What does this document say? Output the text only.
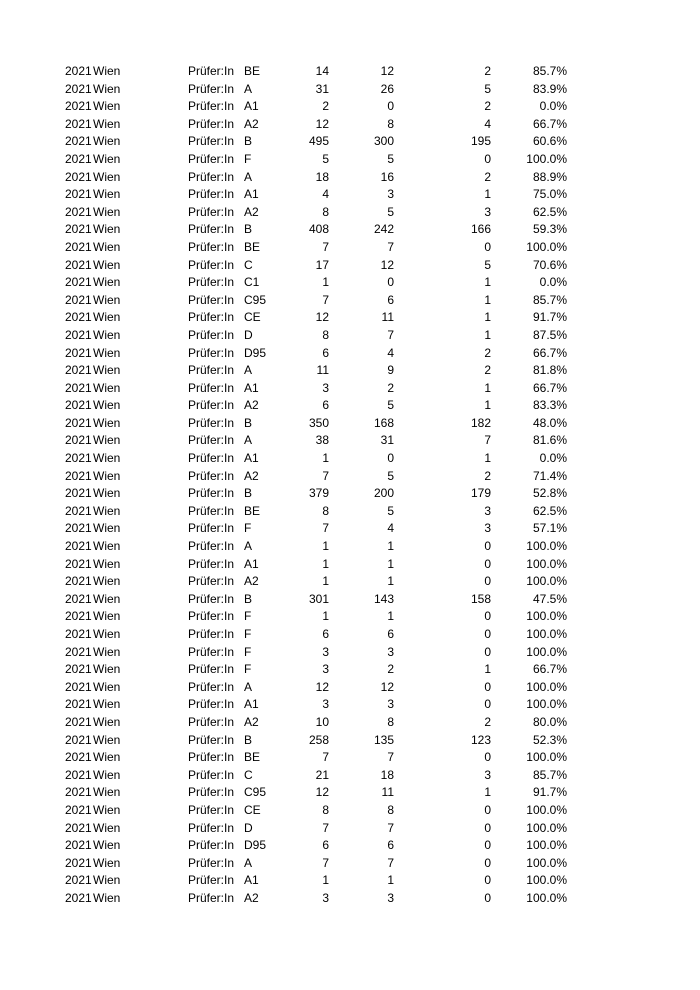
2021 Wien	Prüfer:In BE	14	12	2	85.7%
2021 Wien	Prüfer:In A	31	26	5	83.9%
2021 Wien	Prüfer:In A1	2	0	2	0.0%
2021 Wien	Prüfer:In A2	12	8	4	66.7%
2021 Wien	Prüfer:In B	495	300	195	60.6%
2021 Wien	Prüfer:In F	5	5	0	100.0%
2021 Wien	Prüfer:In A	18	16	2	88.9%
2021 Wien	Prüfer:In A1	4	3	1	75.0%
2021 Wien	Prüfer:In A2	8	5	3	62.5%
2021 Wien	Prüfer:In B	408	242	166	59.3%
2021 Wien	Prüfer:In BE	7	7	0	100.0%
2021 Wien	Prüfer:In C	17	12	5	70.6%
2021 Wien	Prüfer:In C1	1	0	1	0.0%
2021 Wien	Prüfer:In C95	7	6	1	85.7%
2021 Wien	Prüfer:In CE	12	11	1	91.7%
2021 Wien	Prüfer:In D	8	7	1	87.5%
2021 Wien	Prüfer:In D95	6	4	2	66.7%
2021 Wien	Prüfer:In A	11	9	2	81.8%
2021 Wien	Prüfer:In A1	3	2	1	66.7%
2021 Wien	Prüfer:In A2	6	5	1	83.3%
2021 Wien	Prüfer:In B	350	168	182	48.0%
2021 Wien	Prüfer:In A	38	31	7	81.6%
2021 Wien	Prüfer:In A1	1	0	1	0.0%
2021 Wien	Prüfer:In A2	7	5	2	71.4%
2021 Wien	Prüfer:In B	379	200	179	52.8%
2021 Wien	Prüfer:In BE	8	5	3	62.5%
2021 Wien	Prüfer:In F	7	4	3	57.1%
2021 Wien	Prüfer:In A	1	1	0	100.0%
2021 Wien	Prüfer:In A1	1	1	0	100.0%
2021 Wien	Prüfer:In A2	1	1	0	100.0%
2021 Wien	Prüfer:In B	301	143	158	47.5%
2021 Wien	Prüfer:In F	1	1	0	100.0%
2021 Wien	Prüfer:In F	6	6	0	100.0%
2021 Wien	Prüfer:In F	3	3	0	100.0%
2021 Wien	Prüfer:In F	3	2	1	66.7%
2021 Wien	Prüfer:In A	12	12	0	100.0%
2021 Wien	Prüfer:In A1	3	3	0	100.0%
2021 Wien	Prüfer:In A2	10	8	2	80.0%
2021 Wien	Prüfer:In B	258	135	123	52.3%
2021 Wien	Prüfer:In BE	7	7	0	100.0%
2021 Wien	Prüfer:In C	21	18	3	85.7%
2021 Wien	Prüfer:In C95	12	11	1	91.7%
2021 Wien	Prüfer:In CE	8	8	0	100.0%
2021 Wien	Prüfer:In D	7	7	0	100.0%
2021 Wien	Prüfer:In D95	6	6	0	100.0%
2021 Wien	Prüfer:In A	7	7	0	100.0%
2021 Wien	Prüfer:In A1	1	1	0	100.0%
2021 Wien	Prüfer:In A2	3	3	0	100.0%
